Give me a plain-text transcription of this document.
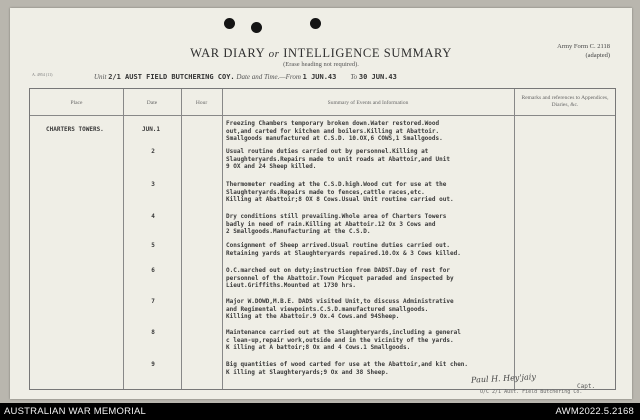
WAR DIARY or INTELLIGENCE SUMMARY
(Erase heading not required).
Army Form C. 2118
(adapted)
A. 4954 (11)	Unit 2/1 AUST FIELD BUTCHERING COY. Date and Time.—From 1 JUN.43 To 30 JUN.43
Place	Date	Hour	Summary of Events and Information
Remarks and references to Appendices, Diaries, &c.
CHARTERS TOWERS.	JUN.1
Freezing Chambers temporary broken down.Water restored.Wood
out,and carted for kitchen and boilers.Killing at Abattoir.
Smallgoods manufactured at C.S.D. 10.OX,6 COWS,1 Smallgoods.
2	Usual routine duties carried out by personnel.Killing at
Slaughteryards.Repairs made to unit roads at Abattoir,and Unit
9 OX and 24 Sheep killed.
3	Thermometer reading at the C.S.D.high.Wood cut for use at the
Slaughteryards.Repairs made to fences,cattle races,etc.
Killing at Abattoir;8 OX 8 Cows.Usual Unit routine carried out.
4	Dry conditions still prevailing.Whole area of Charters Towers
badly in need of rain.Killing at Abattoir.12 Ox 3 Cows and
2 Smallgoods.Manufacturing at the C.S.D.
5	Consignment of Sheep arrived.Usual routine duties carried out.
Retaining yards at Slaughteryards repaired.10.Ox & 3 Cows killed.
6	O.C.marched out on duty;instruction from DADST.Day of rest for
personnel of the Abattoir.Town Picquet paraded and inspected by
Lieut.Griffiths.Mounted at 1730 hrs.
7	Major W.DOWD,M.B.E. DADS visited Unit,to discuss Administrative
and Regimental viewpoints.C.S.D.manufactured smallgoods.
Killing at the Abattoir.9 Ox.4 Cows.and 94Sheep.
8	Maintenance carried out at the Slaughteryards,including a general
c lean-up,repair work,outside and in the vicinity of the yards.
K illing at A battoir;8 Ox and 4 Cows.1 Smallgoods.
9	Big quantities of wood carted for use at the Abattoir,and kit chen.
K illing at Slaughteryards;9 Ox and 38 Sheep.
Paul H. Hey'jaiy
Capt.
O/C 2/1 Aust. Field Butchering Co.
AUSTRALIAN WAR MEMORIAL	AWM2022.5.2168
